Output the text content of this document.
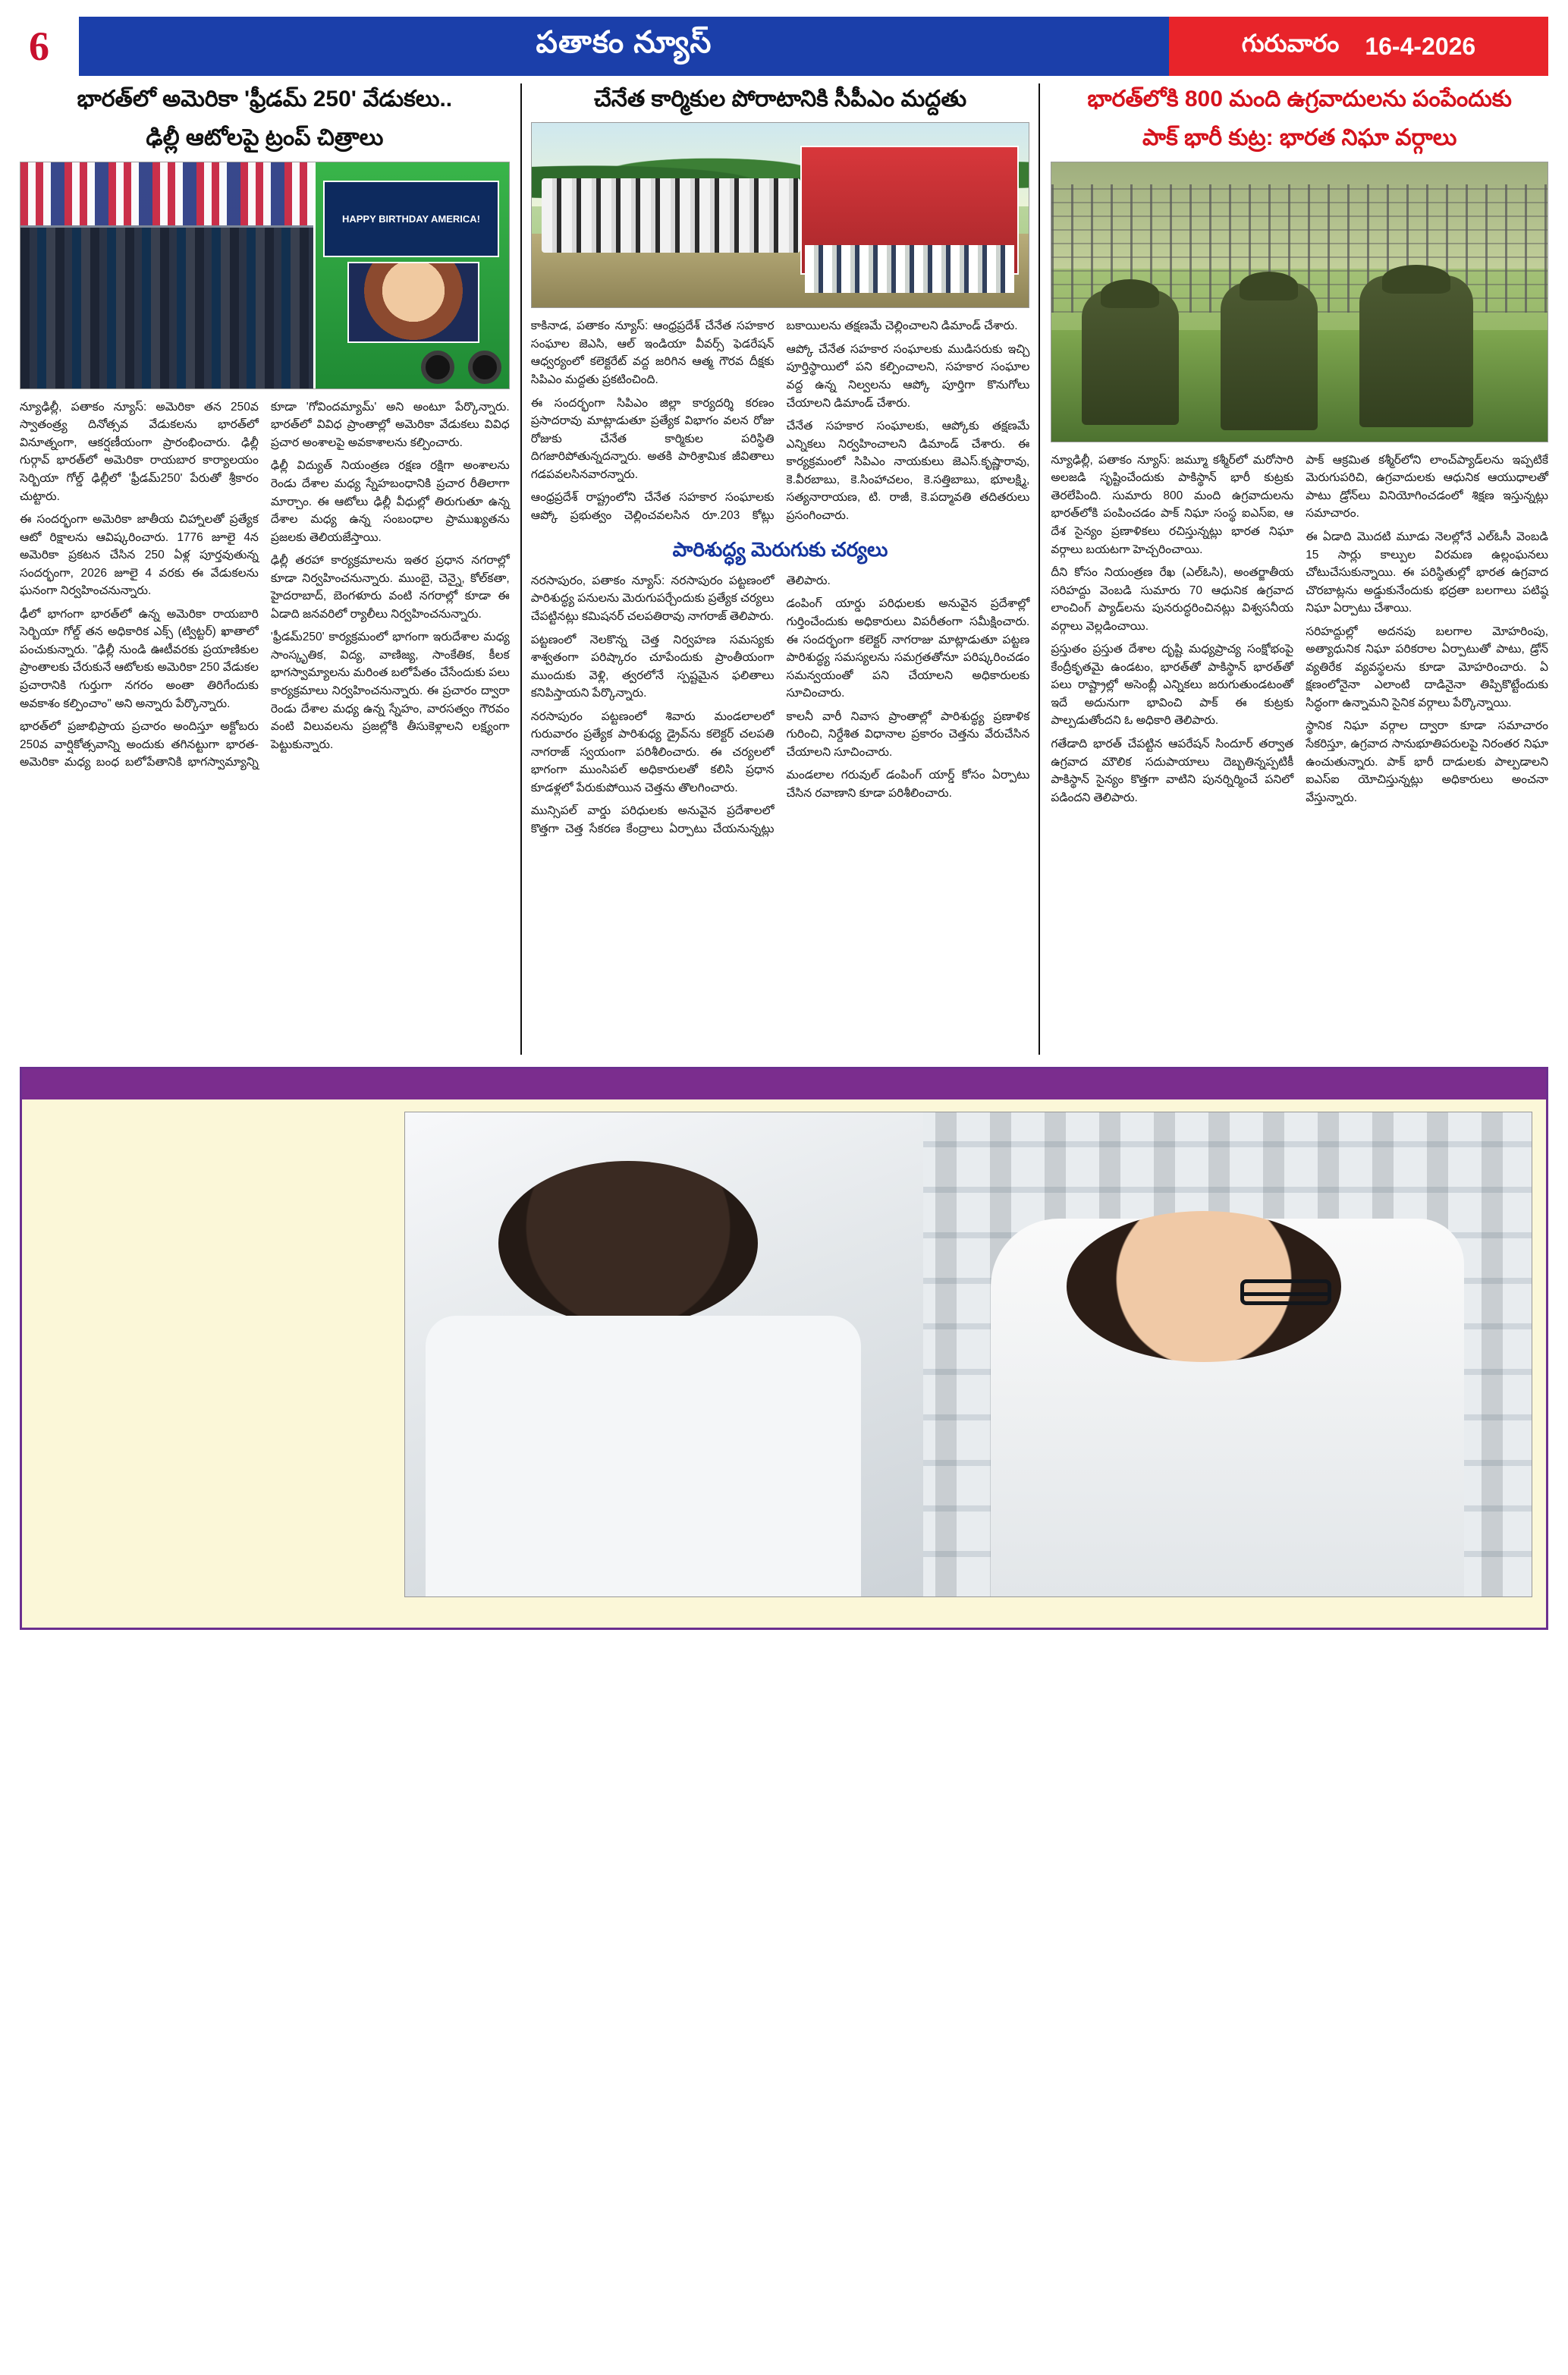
6	పతాకం న్యూస్	గురువారం 16-4-2026
భారత్‌లో అమెరికా 'ఫ్రీడమ్ 250' వేడుకలు..
ఢిల్లీ ఆటోలపై ట్రంప్ చిత్రాలు
HAPPY BIRTHDAY AMERICA!

న్యూఢిల్లీ, పతాకం న్యూస్: అమెరికా తన 250వ స్వాతంత్ర్య దినోత్సవ వేడుకలను భారత్‌లో వినూత్నంగా, ఆకర్షణీయంగా ప్రారంభించారు. ఢిల్లీ గుర్గావ్ భారత్‌లో అమెరికా రాయబార కార్యాలయం సెర్బియా గోల్డ్ ఢిల్లీలో 'ఫ్రీడమ్250' పేరుతో శ్రీకారం చుట్టారు.

ఈ సందర్భంగా అమెరికా జాతీయ చిహ్నాలతో ప్రత్యేక ఆటో రిక్షాలను ఆవిష్కరించారు. 1776 జూలై 4న అమెరికా ప్రకటన చేసిన 250 ఏళ్ల పూర్తవుతున్న సందర్భంగా, 2026 జూలై 4 వరకు ఈ వేడుకలను ఘనంగా నిర్వహించనున్నారు.

ఢీలో భాగంగా భారత్‌లో ఉన్న అమెరికా రాయబారి సెర్బియా గోల్డ్ తన అధికారిక ఎక్స్ (ట్విట్టర్) ఖాతాలో పంచుకున్నారు. "ఢిల్లీ నుండి ఊటీవరకు ప్రయాణికుల ప్రాంతాలకు చేరుకునే ఆటోలకు అమెరికా 250 వేడుకల ప్రచారానికి గుర్తుగా నగరం అంతా తిరిగేందుకు అవకాశం కల్పించాం" అని అన్నారు పేర్కొన్నారు.

భారత్‌లో ప్రజాభిప్రాయ ప్రచారం అందిస్తూ అక్టోబరు 250వ వార్షికోత్సవాన్ని అందుకు తగినట్టుగా భారత-అమెరికా మధ్య బంధ బలోపేతానికి భాగస్వామ్యాన్ని కూడా 'గోవిందమ్యామ్' అని అంటూ పేర్కొన్నారు. భారత్‌లో వివిధ ప్రాంతాల్లో అమెరికా వేడుకలు వివిధ ప్రచార అంశాలపై అవకాశాలను కల్పించారు.

ఢిల్లీ విద్యుత్ నియంత్రణ రక్షణ రక్షిగా అంశాలను రెండు దేశాల మధ్య స్నేహబంధానికి ప్రచార రీతిలాగా మార్చాం. ఈ ఆటోలు ఢిల్లీ వీధుల్లో తిరుగుతూ ఉన్న దేశాల మధ్య ఉన్న సంబంధాల ప్రాముఖ్యతను ప్రజలకు తెలియజేస్తాయి.

ఢిల్లీ తరహా కార్యక్రమాలను ఇతర ప్రధాన నగరాల్లో కూడా నిర్వహించనున్నారు. ముంబై, చెన్నై, కోల్‌కతా, హైదరాబాద్, బెంగళూరు వంటి నగరాల్లో కూడా ఈ ఏడాది జనవరిలో ర్యాలీలు నిర్వహించనున్నారు.

'ఫ్రీడమ్250' కార్యక్రమంలో భాగంగా ఇరుదేశాల మధ్య సాంస్కృతిక, విద్య, వాణిజ్య, సాంకేతిక, కీలక భాగస్వామ్యాలను మరింత బలోపేతం చేసేందుకు పలు కార్యక్రమాలు నిర్వహించనున్నారు. ఈ ప్రచారం ద్వారా రెండు దేశాల మధ్య ఉన్న స్నేహం, వారసత్వం గౌరవం వంటి విలువలను ప్రజల్లోకి తీసుకెళ్లాలని లక్ష్యంగా పెట్టుకున్నారు.

చేనేత కార్మికుల పోరాటానికి సీపీఎం మద్దతు

కాకినాడ, పతాకం న్యూస్: ఆంధ్రప్రదేశ్ చేనేత సహకార సంఘాల జెఎసి, ఆల్ ఇండియా వీవర్స్ ఫెడరేషన్ ఆధ్వర్యంలో కలెక్టరేట్ వద్ద జరిగిన ఆత్మ గౌరవ దీక్షకు సిపిఎం మద్దతు ప్రకటించింది.

ఈ సందర్భంగా సిపిఎం జిల్లా కార్యదర్శి కరణం ప్రసాదరావు మాట్లాడుతూ ప్రత్యేక విభాగం వలన రోజు రోజుకు చేనేత కార్మికుల పరిస్థితి దిగజారిపోతున్నదన్నారు. అతకి పారిశ్రామిక జీవితాలు గడపవలసినవారన్నారు.

ఆంధ్రప్రదేశ్ రాష్ట్రంలోని చేనేత సహకార సంఘాలకు ఆప్కో ప్రభుత్వం చెల్లించవలసిన రూ.203 కోట్లు బకాయిలను తక్షణమే చెల్లించాలని డిమాండ్ చేశారు.

ఆప్కో చేనేత సహకార సంఘాలకు ముడిసరుకు ఇచ్చి పూర్తిస్థాయిలో పని కల్పించాలని, సహకార సంఘాల వద్ద ఉన్న నిల్వలను ఆప్కో పూర్తిగా కొనుగోలు చేయాలని డిమాండ్ చేశారు.

చేనేత సహకార సంఘాలకు, ఆప్కోకు తక్షణమే ఎన్నికలు నిర్వహించాలని డిమాండ్ చేశారు. ఈ కార్యక్రమంలో సిపిఎం నాయకులు జెఎస్.కృష్ణారావు, కె.వీరబాబు, కె.సింహాచలం, కె.సత్తిబాబు, భూలక్ష్మి, సత్యనారాయణ, టి. రాజీ, కె.పద్మావతి తదితరులు ప్రసంగించారు.

పారిశుద్ధ్య మెరుగుకు చర్యలు

నరసాపురం, పతాకం న్యూస్: నరసాపురం పట్టణంలో పారిశుద్ధ్య పనులను మెరుగుపర్చేందుకు ప్రత్యేక చర్యలు చేపట్టినట్లు కమిషనర్ చలపతిరావు నాగరాజ్ తెలిపారు.

పట్టణంలో నెలకొన్న చెత్త నిర్వహణ సమస్యకు శాశ్వతంగా పరిష్కారం చూపేందుకు ప్రాంతీయంగా ముందుకు వెళ్లి, త్వరలోనే స్పష్టమైన ఫలితాలు కనిపిస్తాయని పేర్కొన్నారు.

నరసాపురం పట్టణంలో శివారు మండలాలలో గురువారం ప్రత్యేక పారిశుధ్య డ్రైవ్‌ను కలెక్టర్ చలపతి నాగరాజ్ స్వయంగా పరిశీలించారు. ఈ చర్యలలో భాగంగా ముంసిపల్ అధికారులతో కలిసి ప్రధాన కూడళ్లలో పేరుకుపోయిన చెత్తను తొలగించారు.

మున్సిపల్ వార్డు పరిధులకు అనువైన ప్రదేశాలలో కొత్తగా చెత్త సేకరణ కేంద్రాలు ఏర్పాటు చేయనున్నట్లు తెలిపారు.

డంపింగ్ యార్డు పరిధులకు అనువైన ప్రదేశాల్లో గుర్తించేందుకు అధికారులు విపరీతంగా సమీక్షించారు. ఈ సందర్భంగా కలెక్టర్ నాగరాజు మాట్లాడుతూ పట్టణ పారిశుద్ధ్య సమస్యలను సమగ్రతతోనూ పరిష్కరించడం సమన్వయంతో పని చేయాలని అధికారులకు సూచించారు.

కాలనీ వారీ నివాస ప్రాంతాల్లో పారిశుద్ధ్య ప్రణాళిక గురించి, నిర్దేశిత విధానాల ప్రకారం చెత్తను వేరుచేసిన చేయాలని సూచించారు.

మండలాల గరువుల్ డంపింగ్ యార్డ్ కోసం ఏర్పాటు చేసిన రవాణాని కూడా పరిశీలించారు.

భారత్‌లోకి 800 మంది ఉగ్రవాదులను పంపేందుకు
పాక్ భారీ కుట్ర: భారత నిఘా వర్గాలు

న్యూఢిల్లీ, పతాకం న్యూస్: జమ్మూ కశ్మీర్‌లో మరోసారి అలజడి సృష్టించేందుకు పాకిస్థాన్ భారీ కుట్రకు తెరలేపింది. సుమారు 800 మంది ఉగ్రవాదులను భారత్‌లోకి పంపించడం పాక్ నిఘా సంస్థ ఐఎస్ఐ, ఆ దేశ సైన్యం ప్రణాళికలు రచిస్తున్నట్లు భారత నిఘా వర్గాలు బయటగా హెచ్చరించాయి.

దీని కోసం నియంత్రణ రేఖ (ఎల్ఓసి), అంతర్జాతీయ సరిహద్దు వెంబడి సుమారు 70 ఆధునిక ఉగ్రవాద లాంచింగ్ ప్యాడ్‌లను పునరుద్ధరించినట్లు విశ్వసనీయ వర్గాలు వెల్లడించాయి.

ప్రస్తుతం ప్రస్తుత దేశాల దృష్టి మధ్యప్రాచ్య సంక్షోభంపై కేంద్రీకృతమై ఉండటం, భారత్‌తో పాకిస్థాన్ భారత్‌తో పలు రాష్ట్రాల్లో అసెంబ్లీ ఎన్నికలు జరుగుతుండటంతో ఇదే అదునుగా భావించి పాక్ ఈ కుట్రకు పాల్పడుతోందని ఓ అధికారి తెలిపారు.

గతేడాది భారత్ చేపట్టిన ఆపరేషన్ సిందూర్ తర్వాత ఉగ్రవాద మౌలిక సదుపాయాలు దెబ్బతిన్నప్పటికీ పాకిస్థాన్ సైన్యం కొత్తగా వాటిని పునర్నిర్మించే పనిలో పడిందని తెలిపారు.

పాక్ ఆక్రమిత కశ్మీర్‌లోని లాంచ్‌ప్యాడ్‌లను ఇప్పటికే మెరుగుపరిచి, ఉగ్రవాదులకు ఆధునిక ఆయుధాలతో పాటు డ్రోన్‌లు వినియోగించడంలో శిక్షణ ఇస్తున్నట్లు సమాచారం.

ఈ ఏడాది మొదటి మూడు నెలల్లోనే ఎల్ఓసీ వెంబడి 15 సార్లు కాల్పుల విరమణ ఉల్లంఘనలు చోటుచేసుకున్నాయి. ఈ పరిస్థితుల్లో భారత ఉగ్రవాద చొరబాట్లను అడ్డుకునేందుకు భద్రతా బలగాలు పటిష్ఠ నిఘా ఏర్పాటు చేశాయి.

సరిహద్దుల్లో అదనపు బలగాల మోహరింపు, అత్యాధునిక నిఘా పరికరాల ఏర్పాటుతో పాటు, డ్రోన్ వ్యతిరేక వ్యవస్థలను కూడా మోహరించారు. ఏ క్షణంలోనైనా ఎలాంటి దాడినైనా తిప్పికొట్టేందుకు సిద్ధంగా ఉన్నామని సైనిక వర్గాలు పేర్కొన్నాయి.

స్థానిక నిఘా వర్గాల ద్వారా కూడా సమాచారం సేకరిస్తూ, ఉగ్రవాద సానుభూతిపరులపై నిరంతర నిఘా ఉంచుతున్నారు. పాక్ భారీ దాడులకు పాల్పడాలని ఐఎస్ఐ యోచిస్తున్నట్లు అధికారులు అంచనా వేస్తున్నారు.
